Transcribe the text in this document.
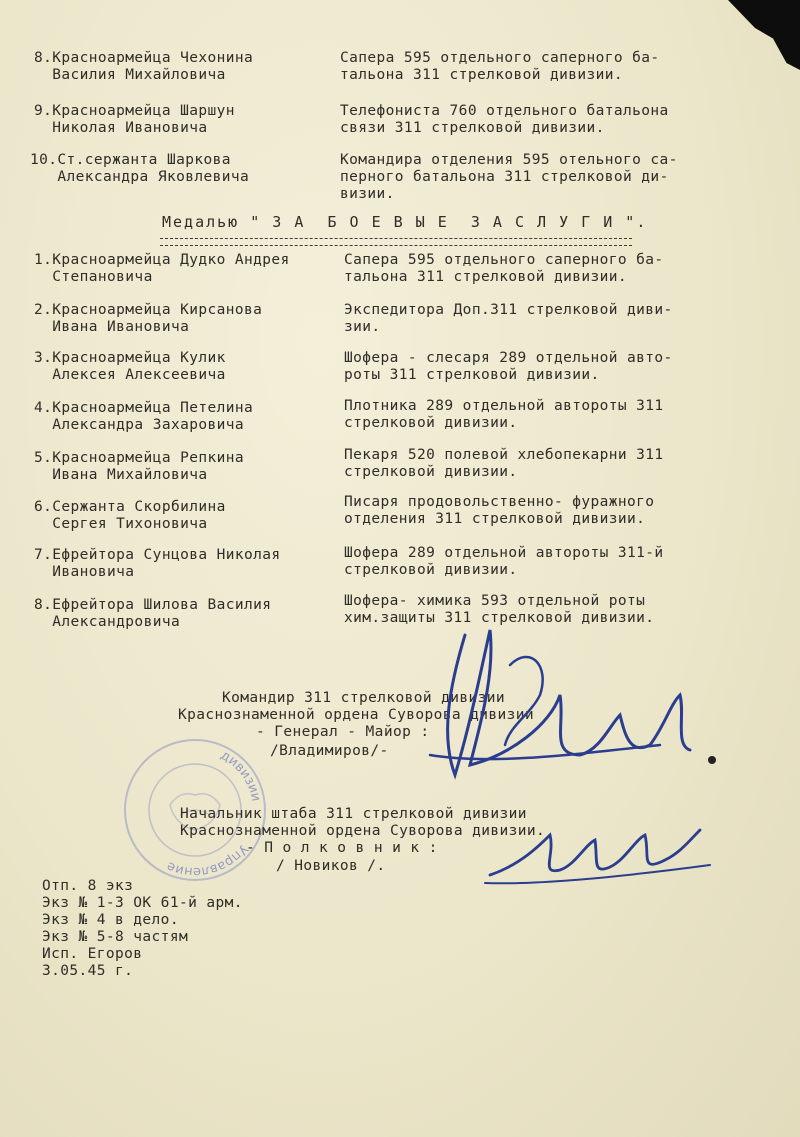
8.Красноармейца Чехонина
Василия Михайловича
Сапера 595 отдельного саперного ба-
тальона 311 стрелковой дивизии.
9.Красноармейца Шаршун
Николая Ивановича
Телефониста 760 отдельного батальона
связи 311 стрелковой дивизии.
10.Ст.сержанта Шаркова
Александра Яковлевича
Командира отделения 595 отельного са-
перного батальона 311 стрелковой ди-
визии.
Медалью " З А  Б О Е В Ы Е  З А С Л У Г И ".
1.Красноармейца Дудко Андрея
Степановича
Сапера 595 отдельного саперного ба-
тальона 311 стрелковой дивизии.
2.Красноармейца Кирсанова
Ивана Ивановича
Экспедитора Доп.311 стрелковой диви-
зии.
3.Красноармейца Кулик
Алексея Алексеевича
Шофера - слесаря 289 отдельной авто-
роты 311 стрелковой дивизии.
4.Красноармейца Петелина
Александра Захаровича
Плотника 289 отдельной автороты 311
стрелковой дивизии.
5.Красноармейца Репкина
Ивана Михайловича
Пекаря 520 полевой хлебопекарни 311
стрелковой дивизии.
6.Сержанта Скорбилина
Сергея Тихоновича
Писаря продовольственно- фуражного
отделения 311 стрелковой дивизии.
7.Ефрейтора Сунцова Николая
Ивановича
Шофера 289 отдельной автороты 311-й
стрелковой дивизии.
8.Ефрейтора Шилова Василия
Александровича
Шофера- химика 593 отдельной роты
хим.защиты 311 стрелковой дивизии.
Командир 311 стрелковой дивизии
Краснознаменной ордена Суворова дивизии
- Генерал - Майор :
/Владимиров/-
Управление
дивизии
Начальник штаба 311 стрелковой дивизии
Краснознаменной ордена Суворова дивизии.
- П о л к о в н и к :
/ Новиков /.
Отп. 8 экз
Экз № 1-3 ОК 61-й арм.
Экз № 4 в дело.
Экз № 5-8 частям
Исп. Егоров
3.05.45 г.
